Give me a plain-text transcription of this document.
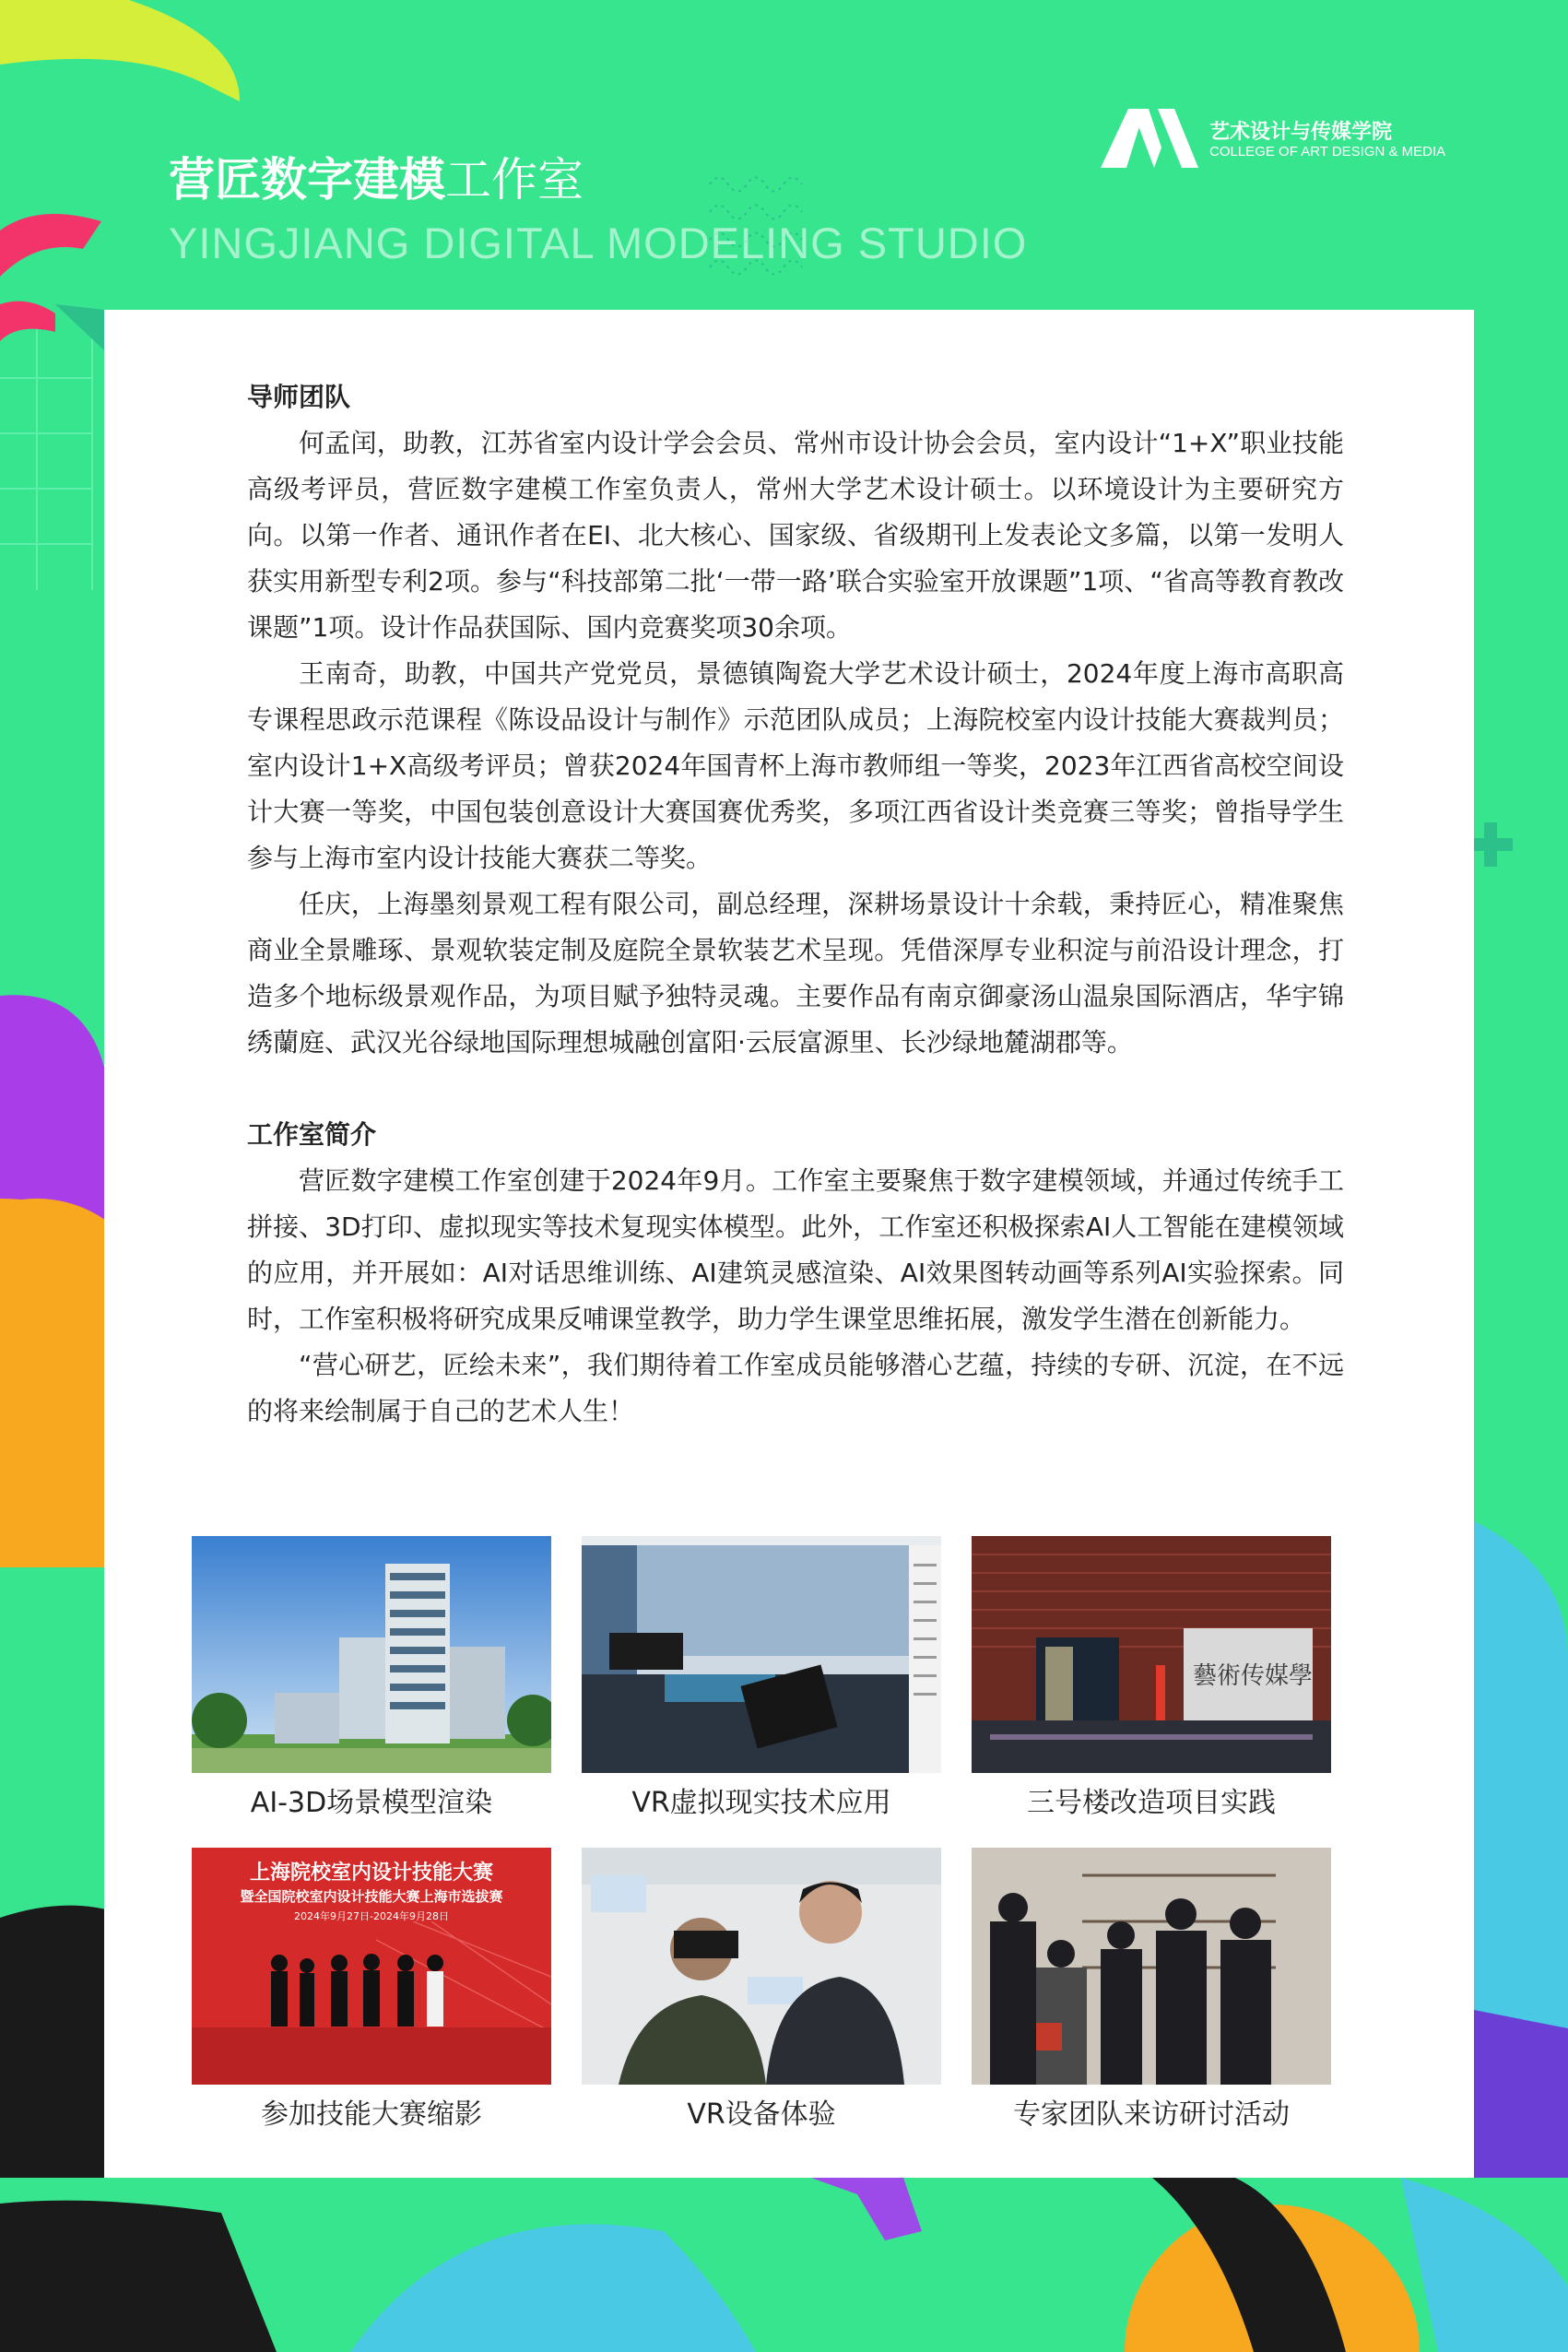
营匠数字建模工作室
YINGJIANG DIGITAL MODELING STUDIO
艺术设计与传媒学院
COLLEGE OF ART DESIGN & MEDIA

导师团队

何孟闰，助教，江苏省室内设计学会会员、常州市设计协会会员，室内设计“1+X”职业技能高级考评员，营匠数字建模工作室负责人，常州大学艺术设计硕士。以环境设计为主要研究方向。以第一作者、通讯作者在EI、北大核心、国家级、省级期刊上发表论文多篇，以第一发明人获实用新型专利2项。参与“科技部第二批‘一带一路’联合实验室开放课题”1项、“省高等教育教改课题”1项。设计作品获国际、国内竞赛奖项30余项。

王南奇，助教，中国共产党党员，景德镇陶瓷大学艺术设计硕士，2024年度上海市高职高专课程思政示范课程《陈设品设计与制作》示范团队成员；上海院校室内设计技能大赛裁判员；室内设计1+X高级考评员；曾获2024年国青杯上海市教师组一等奖，2023年江西省高校空间设计大赛一等奖，中国包装创意设计大赛国赛优秀奖，多项江西省设计类竞赛三等奖；曾指导学生参与上海市室内设计技能大赛获二等奖。

任庆，上海墨刻景观工程有限公司，副总经理，深耕场景设计十余载，秉持匠心，精准聚焦商业全景雕琢、景观软装定制及庭院全景软装艺术呈现。凭借深厚专业积淀与前沿设计理念，打造多个地标级景观作品，为项目赋予独特灵魂。主要作品有南京御豪汤山温泉国际酒店，华宇锦绣蘭庭、武汉光谷绿地国际理想城融创富阳·云辰富源里、长沙绿地麓湖郡等。

工作室简介

营匠数字建模工作室创建于2024年9月。工作室主要聚焦于数字建模领域，并通过传统手工拼接、3D打印、虚拟现实等技术复现实体模型。此外，工作室还积极探索AI人工智能在建模领域的应用，并开展如：AI对话思维训练、AI建筑灵感渲染、AI效果图转动画等系列AI实验探索。同时，工作室积极将研究成果反哺课堂教学，助力学生课堂思维拓展，激发学生潜在创新能力。

“营心研艺，匠绘未来”，我们期待着工作室成员能够潜心艺蕴，持续的专研、沉淀，在不远的将来绘制属于自己的艺术人生！

AI-3D场景模型渲染	VR虚拟现实技术应用
藝術传媒學
三号楼改造项目实践
上海院校室内设计技能大赛
暨全国院校室内设计技能大赛上海市选拔赛
2024年9月27日-2024年9月28日
参加技能大赛缩影	VR设备体验	专家团队来访研讨活动
